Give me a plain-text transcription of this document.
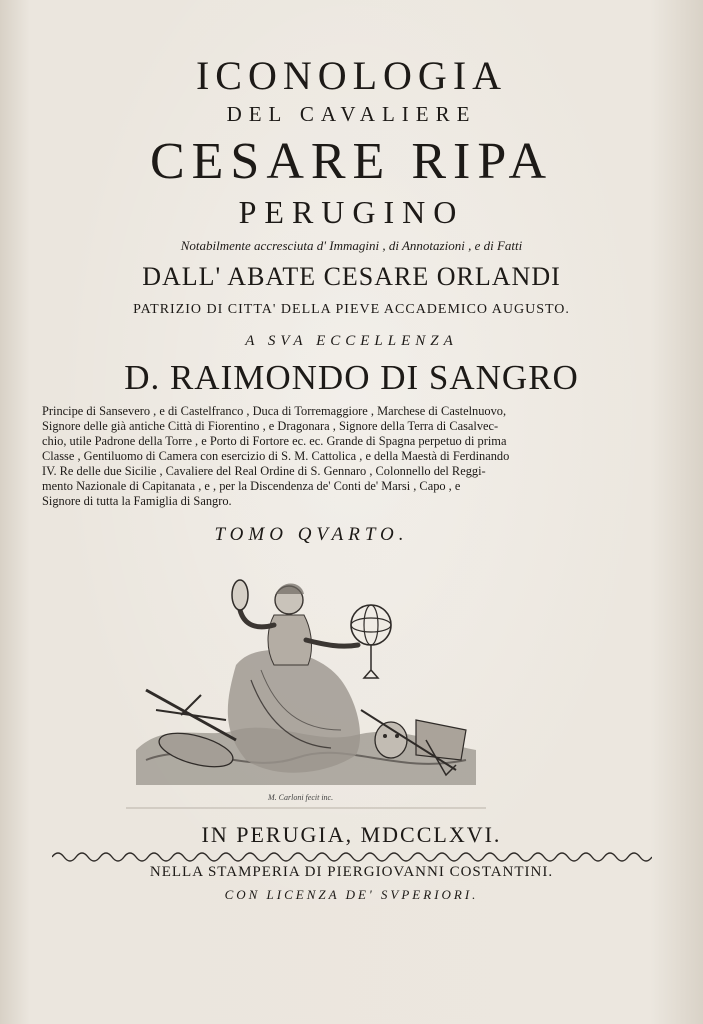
ICONOLOGIA
DEL CAVALIERE
CESARE RIPA
PERUGINO
Notabilmente accresciuta d' Immagini , di Annotazioni , e di Fatti
DALL' ABATE CESARE ORLANDI
PATRIZIO DI CITTA' DELLA PIEVE ACCADEMICO AUGUSTO.
A SVA ECCELLENZA
D. RAIMONDO DI SANGRO

Principe di Sansevero , e di Castelfranco , Duca di Torremaggiore , Marchese di Castelnuovo,

Signore delle già antiche Città di Fiorentino , e Dragonara , Signore della Terra di Casalvec-

chio, utile Padrone della Torre , e Porto di Fortore ec. ec. Grande di Spagna perpetuo di prima

Classe , Gentiluomo di Camera con esercizio di S. M. Cattolica , e della Maestà di Ferdinando

IV. Re delle due Sicilie , Cavaliere del Real Ordine di S. Gennaro , Colonnello del Reggi-

mento Nazionale di Capitanata , e , per la Discendenza de' Conti de' Marsi , Capo , e

Signore di tutta la Famiglia di Sangro.

TOMO QVARTO.
M. Carloni fecit inc.
IN PERUGIA, MDCCLXVI.
NELLA STAMPERIA DI PIERGIOVANNI COSTANTINI.
CON LICENZA DE' SVPERIORI.
